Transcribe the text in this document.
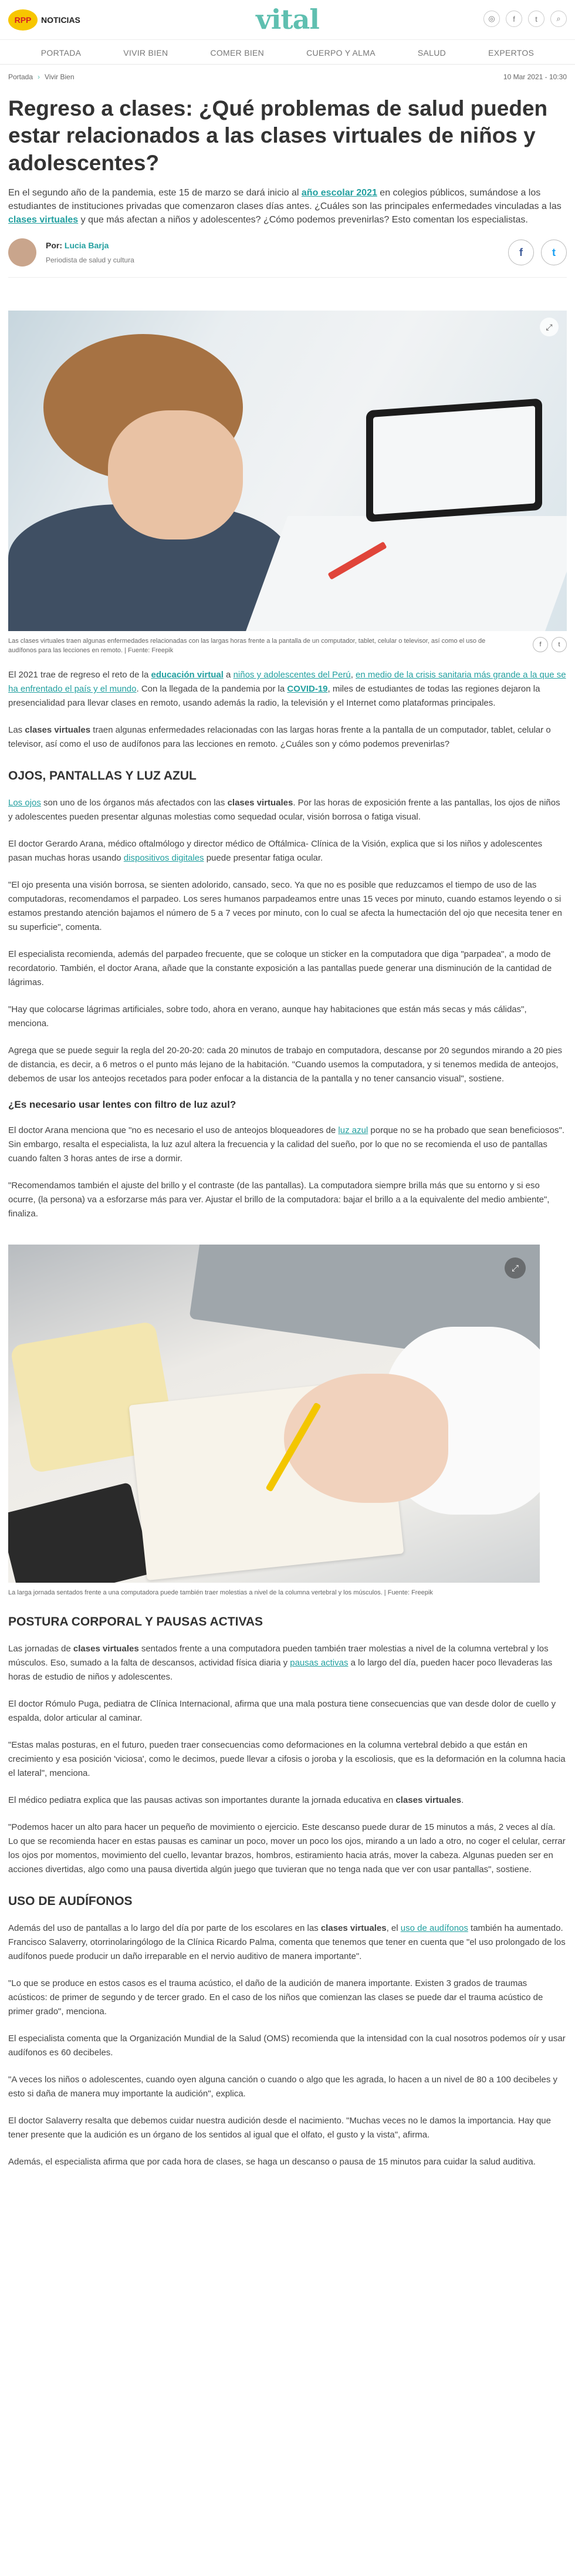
RPP	NOTICIAS	vital	◎	f	t	⌕
PORTADA	VIVIR BIEN	COMER BIEN	CUERPO Y ALMA	SALUD	EXPERTOS
Portada › Vivir Bien	10 Mar 2021 - 10:30
Regreso a clases: ¿Qué problemas de salud pueden estar relacionados a las clases virtuales de niños y adolescentes?

En el segundo año de la pandemia, este 15 de marzo se dará inicio al año escolar 2021 en colegios públicos, sumándose a los estudiantes de instituciones privadas que comenzaron clases días antes. ¿Cuáles son las principales enfermedades vinculadas a las clases virtuales y que más afectan a niños y adolescentes? ¿Cómo podemos prevenirlas? Esto comentan los especialistas.

Por: Lucia Barja
Periodista de salud y cultura
f	t
⤢
Las clases virtuales traen algunas enfermedades relacionadas con las largas horas frente a la pantalla de un computador, tablet, celular o televisor, así como el uso de audífonos para las lecciones en remoto. | Fuente: Freepik
f	t

El 2021 trae de regreso el reto de la educación virtual a niños y adolescentes del Perú, en medio de la crisis sanitaria más grande a la que se ha enfrentado el país y el mundo. Con la llegada de la pandemia por la COVID-19, miles de estudiantes de todas las regiones dejaron la presencialidad para llevar clases en remoto, usando además la radio, la televisión y el Internet como plataformas principales.

Las clases virtuales traen algunas enfermedades relacionadas con las largas horas frente a la pantalla de un computador, tablet, celular o televisor, así como el uso de audífonos para las lecciones en remoto. ¿Cuáles son y cómo podemos prevenirlas?

OJOS, PANTALLAS Y LUZ AZUL

Los ojos son uno de los órganos más afectados con las clases virtuales. Por las horas de exposición frente a las pantallas, los ojos de niños y adolescentes pueden presentar algunas molestias como sequedad ocular, visión borrosa o fatiga visual.

El doctor Gerardo Arana, médico oftalmólogo y director médico de Oftálmica- Clínica de la Visión, explica que si los niños y adolescentes pasan muchas horas usando dispositivos digitales puede presentar fatiga ocular.

"El ojo presenta una visión borrosa, se sienten adolorido, cansado, seco. Ya que no es posible que reduzcamos el tiempo de uso de las computadoras, recomendamos el parpadeo. Los seres humanos parpadeamos entre unas 15 veces por minuto, cuando estamos leyendo o si estamos prestando atención bajamos el número de 5 a 7 veces por minuto, con lo cual se afecta la humectación del ojo que necesita tener en su superficie", comenta.

El especialista recomienda, además del parpadeo frecuente, que se coloque un sticker en la computadora que diga "parpadea", a modo de recordatorio. También, el doctor Arana, añade que la constante exposición a las pantallas puede generar una disminución de la cantidad de lágrimas.

"Hay que colocarse lágrimas artificiales, sobre todo, ahora en verano, aunque hay habitaciones que están más secas y más cálidas", menciona.

Agrega que se puede seguir la regla del 20-20-20: cada 20 minutos de trabajo en computadora, descanse por 20 segundos mirando a 20 pies de distancia, es decir, a 6 metros o el punto más lejano de la habitación. "Cuando usemos la computadora, y si tenemos medida de anteojos, debemos de usar los anteojos recetados para poder enfocar a la distancia de la pantalla y no tener cansancio visual", sostiene.

¿Es necesario usar lentes con filtro de luz azul?

El doctor Arana menciona que "no es necesario el uso de anteojos bloqueadores de luz azul porque no se ha probado que sean beneficiosos". Sin embargo, resalta el especialista, la luz azul altera la frecuencia y la calidad del sueño, por lo que no se recomienda el uso de pantallas cuando falten 3 horas antes de irse a dormir.

"Recomendamos también el ajuste del brillo y el contraste (de las pantallas). La computadora siempre brilla más que su entorno y si eso ocurre, (la persona) va a esforzarse más para ver. Ajustar el brillo de la computadora: bajar el brillo a a la equivalente del medio ambiente", finaliza.

⤢
La larga jornada sentados frente a una computadora puede también traer molestias a nivel de la columna vertebral y los músculos. | Fuente: Freepik
POSTURA CORPORAL Y PAUSAS ACTIVAS

Las jornadas de clases virtuales sentados frente a una computadora pueden también traer molestias a nivel de la columna vertebral y los músculos. Eso, sumado a la falta de descansos, actividad física diaria y pausas activas a lo largo del día, pueden hacer poco llevaderas las horas de estudio de niños y adolescentes.

El doctor Rómulo Puga, pediatra de Clínica Internacional, afirma que una mala postura tiene consecuencias que van desde dolor de cuello y espalda, dolor articular al caminar.

"Estas malas posturas, en el futuro, pueden traer consecuencias como deformaciones en la columna vertebral debido a que están en crecimiento y esa posición 'viciosa', como le decimos, puede llevar a cifosis o joroba y la escoliosis, que es la deformación en la columna hacia el lateral", menciona.

El médico pediatra explica que las pausas activas son importantes durante la jornada educativa en clases virtuales.

"Podemos hacer un alto para hacer un pequeño de movimiento o ejercicio. Este descanso puede durar de 15 minutos a más, 2 veces al día. Lo que se recomienda hacer en estas pausas es caminar un poco, mover un poco los ojos, mirando a un lado a otro, no coger el celular, cerrar los ojos por momentos, movimiento del cuello, levantar brazos, hombros, estiramiento hacia atrás, mover la cabeza. Algunas pueden ser en acciones divertidas, algo como una pausa divertida algún juego que tuvieran que no tenga nada que ver con usar pantallas", sostiene.

USO DE AUDÍFONOS

Además del uso de pantallas a lo largo del día por parte de los escolares en las clases virtuales, el uso de audífonos también ha aumentado. Francisco Salaverry, otorrinolaringólogo de la Clínica Ricardo Palma, comenta que tenemos que tener en cuenta que "el uso prolongado de los audífonos puede producir un daño irreparable en el nervio auditivo de manera importante".

"Lo que se produce en estos casos es el trauma acústico, el daño de la audición de manera importante. Existen 3 grados de traumas acústicos: de primer de segundo y de tercer grado. En el caso de los niños que comienzan las clases se puede dar el trauma acústico de primer grado", menciona.

El especialista comenta que la Organización Mundial de la Salud (OMS) recomienda que la intensidad con la cual nosotros podemos oír y usar audífonos es 60 decibeles.

"A veces los niños o adolescentes, cuando oyen alguna canción o cuando o algo que les agrada, lo hacen a un nivel de 80 a 100 decibeles y esto si daña de manera muy importante la audición", explica.

El doctor Salaverry resalta que debemos cuidar nuestra audición desde el nacimiento. "Muchas veces no le damos la importancia. Hay que tener presente que la audición es un órgano de los sentidos al igual que el olfato, el gusto y la vista", afirma.

Además, el especialista afirma que por cada hora de clases, se haga un descanso o pausa de 15 minutos para cuidar la salud auditiva.
